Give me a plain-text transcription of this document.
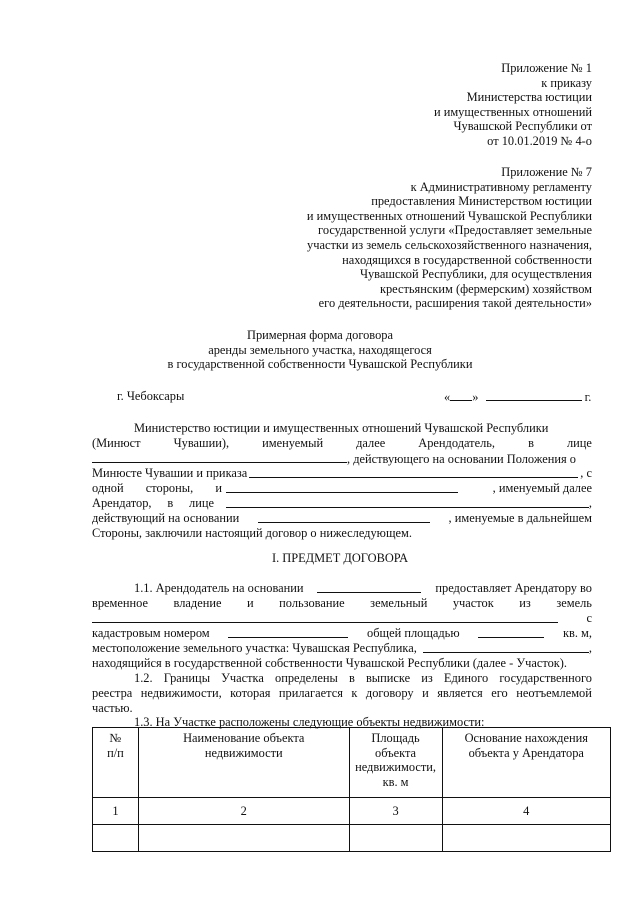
Приложение № 1
к приказу
Министерства юстиции
и имущественных отношений
Чувашской Республики от
от 10.01.2019 № 4-о
Приложение № 7
к Административному регламенту
предоставления Министерством юстиции
и имущественных отношений Чувашской Республики
государственной услуги «Предоставляет земельные
участки из земель сельскохозяйственного назначения,
находящихся в государственной собственности
Чувашской Республики, для осуществления
крестьянским (фермерским) хозяйством
его деятельности, расширения такой деятельности»
Примерная форма договора
аренды земельного участка, находящегося
в государственной собственности Чувашской Республики
г. Чебоксары	« »	г.
Министерство юстиции и имущественных отношений Чувашской Республики
(Минюст	Чувашии),	именуемый	далее	Арендодатель,	в	лице
, действующего на основании Положения о
Минюсте Чувашии и приказа	, с
одной стороны, и	, именуемый далее
Арендатор, в лице	,
действующий на основании	, именуемые в дальнейшем
Стороны, заключили настоящий договор о нижеследующем.
I. ПРЕДМЕТ ДОГОВОРА
1.1. Арендодатель на основании	предоставляет Арендатору во
временное владение и пользование земельный участок из земель
с
кадастровым номером	общей площадью	кв. м,
местоположение земельного участка: Чувашская Республика,	,
находящийся в государственной собственности Чувашской Республики (далее - Участок).
1.2. Границы Участка определены в выписке из Единого государственного
реестра недвижимости, которая прилагается к договору и является его неотъемлемой
частью.
1.3. На Участке расположены следующие объекты недвижимости:
№ п/п	Наименование объекта недвижимости	Площадь объекта недвижимости, кв. м	Основание нахождения объекта у Арендатора
1	2	3	4
